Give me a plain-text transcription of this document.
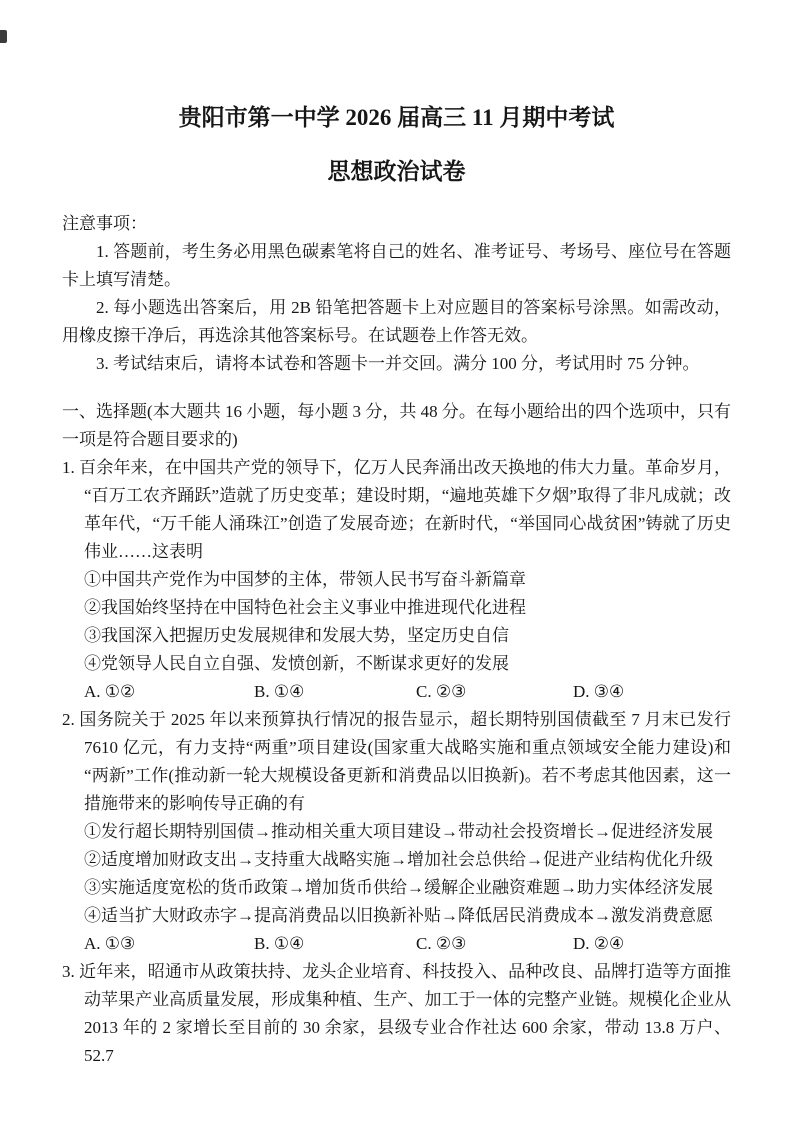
贵阳市第一中学 2026 届高三 11 月期中考试
思想政治试卷

注意事项：

1. 答题前，考生务必用黑色碳素笔将自己的姓名、准考证号、考场号、座位号在答题卡上填写清楚。

2. 每小题选出答案后，用 2B 铅笔把答题卡上对应题目的答案标号涂黑。如需改动，用橡皮擦干净后，再选涂其他答案标号。在试题卷上作答无效。

3. 考试结束后，请将本试卷和答题卡一并交回。满分 100 分，考试用时 75 分钟。

一、选择题(本大题共 16 小题，每小题 3 分，共 48 分。在每小题给出的四个选项中，只有一项是符合题目要求的)

1. 百余年来，在中国共产党的领导下，亿万人民奔涌出改天换地的伟大力量。革命岁月，“百万工农齐踊跃”造就了历史变革；建设时期，“遍地英雄下夕烟”取得了非凡成就；改革年代，“万千能人涌珠江”创造了发展奇迹；在新时代，“举国同心战贫困”铸就了历史伟业……这表明

①中国共产党作为中国梦的主体，带领人民书写奋斗新篇章

②我国始终坚持在中国特色社会主义事业中推进现代化进程

③我国深入把握历史发展规律和发展大势，坚定历史自信

④党领导人民自立自强、发愤创新，不断谋求更好的发展

A. ①②	B. ①④	C. ②③	D. ③④

2. 国务院关于 2025 年以来预算执行情况的报告显示，超长期特别国债截至 7 月末已发行 7610 亿元，有力支持“两重”项目建设(国家重大战略实施和重点领域安全能力建设)和“两新”工作(推动新一轮大规模设备更新和消费品以旧换新)。若不考虑其他因素，这一措施带来的影响传导正确的有

①发行超长期特别国债→推动相关重大项目建设→带动社会投资增长→促进经济发展

②适度增加财政支出→支持重大战略实施→增加社会总供给→促进产业结构优化升级

③实施适度宽松的货币政策→增加货币供给→缓解企业融资难题→助力实体经济发展

④适当扩大财政赤字→提高消费品以旧换新补贴→降低居民消费成本→激发消费意愿

A. ①③	B. ①④	C. ②③	D. ②④

3. 近年来，昭通市从政策扶持、龙头企业培育、科技投入、品种改良、品牌打造等方面推动苹果产业高质量发展，形成集种植、生产、加工于一体的完整产业链。规模化企业从 2013 年的 2 家增长至目前的 30 余家，县级专业合作社达 600 余家，带动 13.8 万户、52.7
